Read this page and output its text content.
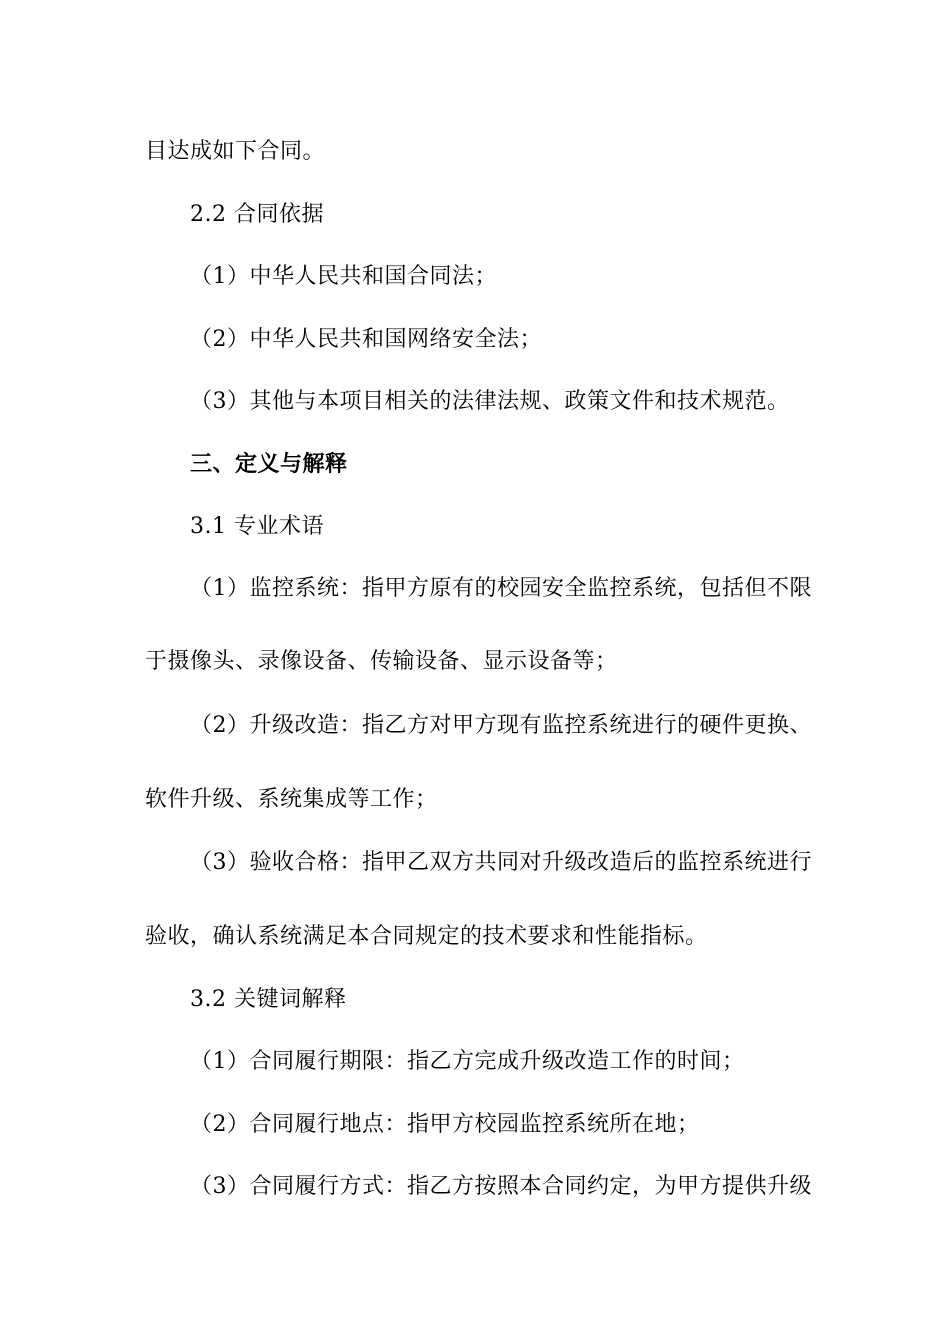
目达成如下合同。
2.2 合同依据
（1）中华人民共和国合同法；
（2）中华人民共和国网络安全法；
（3）其他与本项目相关的法律法规、政策文件和技术规范。
三、定义与解释
3.1 专业术语
（1）监控系统：指甲方原有的校园安全监控系统，包括但不限
于摄像头、录像设备、传输设备、显示设备等；
（2）升级改造：指乙方对甲方现有监控系统进行的硬件更换、
软件升级、系统集成等工作；
（3）验收合格：指甲乙双方共同对升级改造后的监控系统进行
验收，确认系统满足本合同规定的技术要求和性能指标。
3.2 关键词解释
（1）合同履行期限：指乙方完成升级改造工作的时间；
（2）合同履行地点：指甲方校园监控系统所在地；
（3）合同履行方式：指乙方按照本合同约定，为甲方提供升级
